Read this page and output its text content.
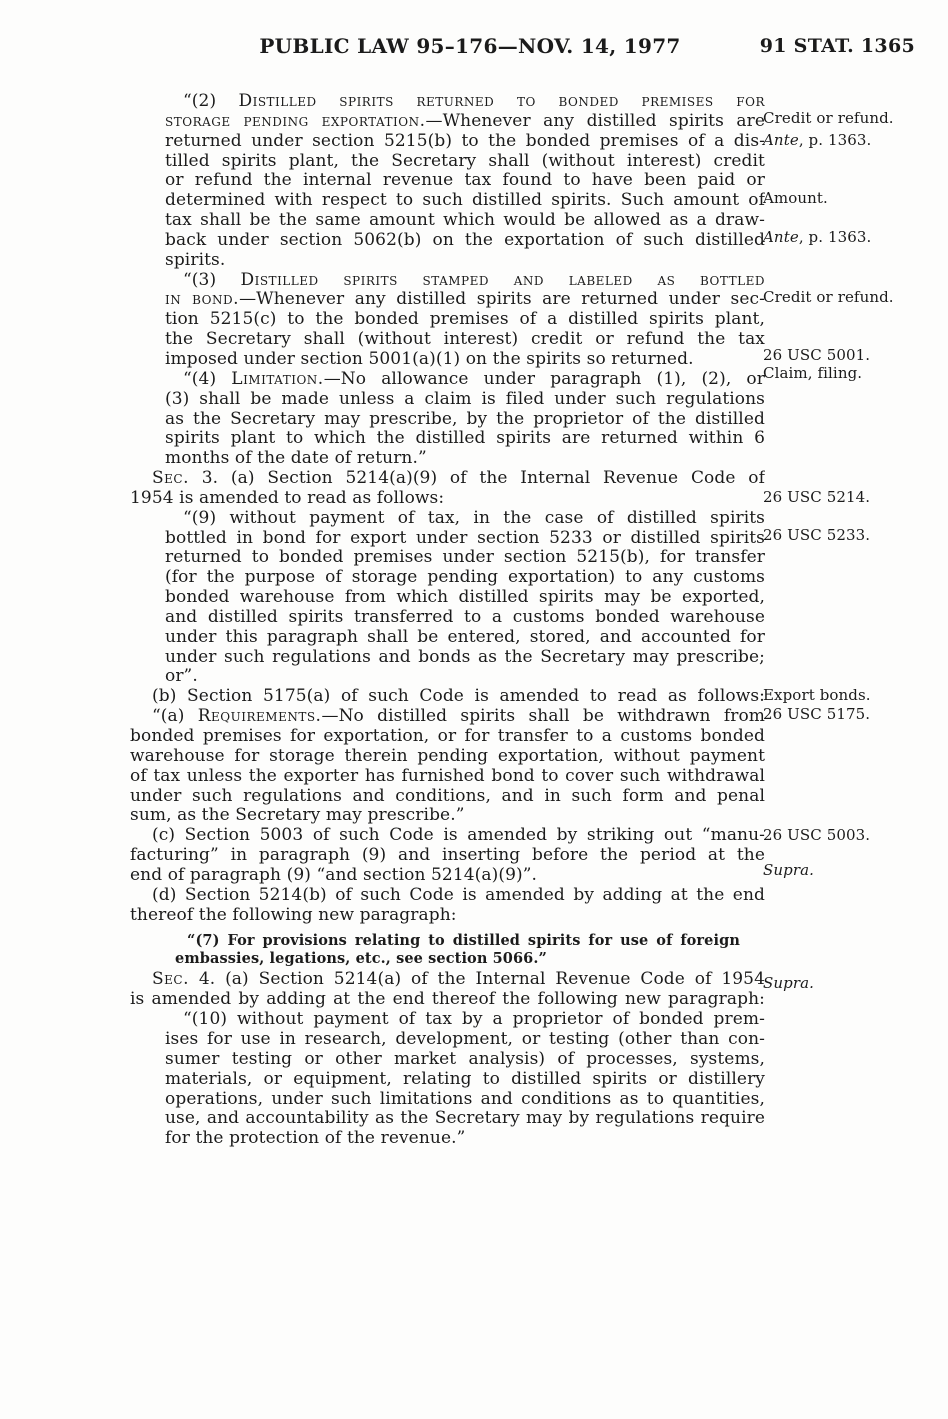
PUBLIC LAW 95–176—NOV. 14, 1977	91 STAT. 1365
“(2) Distilled spirits returned to bonded premises for
storage pending exportation.—Whenever any distilled spirits are
returned under section 5215(b) to the bonded premises of a dis-
tilled spirits plant, the Secretary shall (without interest) credit
or refund the internal revenue tax found to have been paid or
determined with respect to such distilled spirits. Such amount of
tax shall be the same amount which would be allowed as a draw-
back under section 5062(b) on the exportation of such distilled
spirits.
“(3) Distilled spirits stamped and labeled as bottled
in bond.—Whenever any distilled spirits are returned under sec-
tion 5215(c) to the bonded premises of a distilled spirits plant,
the Secretary shall (without interest) credit or refund the tax
imposed under section 5001(a)(1) on the spirits so returned.
“(4) Limitation.—No allowance under paragraph (1), (2), or
(3) shall be made unless a claim is filed under such regulations
as the Secretary may prescribe, by the proprietor of the distilled
spirits plant to which the distilled spirits are returned within 6
months of the date of return.”
Sec. 3. (a) Section 5214(a)(9) of the Internal Revenue Code of
1954 is amended to read as follows:
“(9) without payment of tax, in the case of distilled spirits
bottled in bond for export under section 5233 or distilled spirits
returned to bonded premises under section 5215(b), for transfer
(for the purpose of storage pending exportation) to any customs
bonded warehouse from which distilled spirits may be exported,
and distilled spirits transferred to a customs bonded warehouse
under this paragraph shall be entered, stored, and accounted for
under such regulations and bonds as the Secretary may prescribe;
or”.
(b) Section 5175(a) of such Code is amended to read as follows:
“(a) Requirements.—No distilled spirits shall be withdrawn from
bonded premises for exportation, or for transfer to a customs bonded
warehouse for storage therein pending exportation, without payment
of tax unless the exporter has furnished bond to cover such withdrawal
under such regulations and conditions, and in such form and penal
sum, as the Secretary may prescribe.”
(c) Section 5003 of such Code is amended by striking out “manu-
facturing” in paragraph (9) and inserting before the period at the
end of paragraph (9) “and section 5214(a)(9)”.
(d) Section 5214(b) of such Code is amended by adding at the end
thereof the following new paragraph:
“(7) For provisions relating to distilled spirits for use of foreign
embassies, legations, etc., see section 5066.”
Sec. 4. (a) Section 5214(a) of the Internal Revenue Code of 1954
is amended by adding at the end thereof the following new paragraph:
“(10) without payment of tax by a proprietor of bonded prem-
ises for use in research, development, or testing (other than con-
sumer testing or other market analysis) of processes, systems,
materials, or equipment, relating to distilled spirits or distillery
operations, under such limitations and conditions as to quantities,
use, and accountability as the Secretary may by regulations require
for the protection of the revenue.”
Credit or refund.
Ante, p. 1363.
Amount.
Ante, p. 1363.
Credit or refund.
26 USC 5001.
Claim, filing.
26 USC 5214.
26 USC 5233.
Export bonds.
26 USC 5175.
26 USC 5003.
Supra.
Supra.
